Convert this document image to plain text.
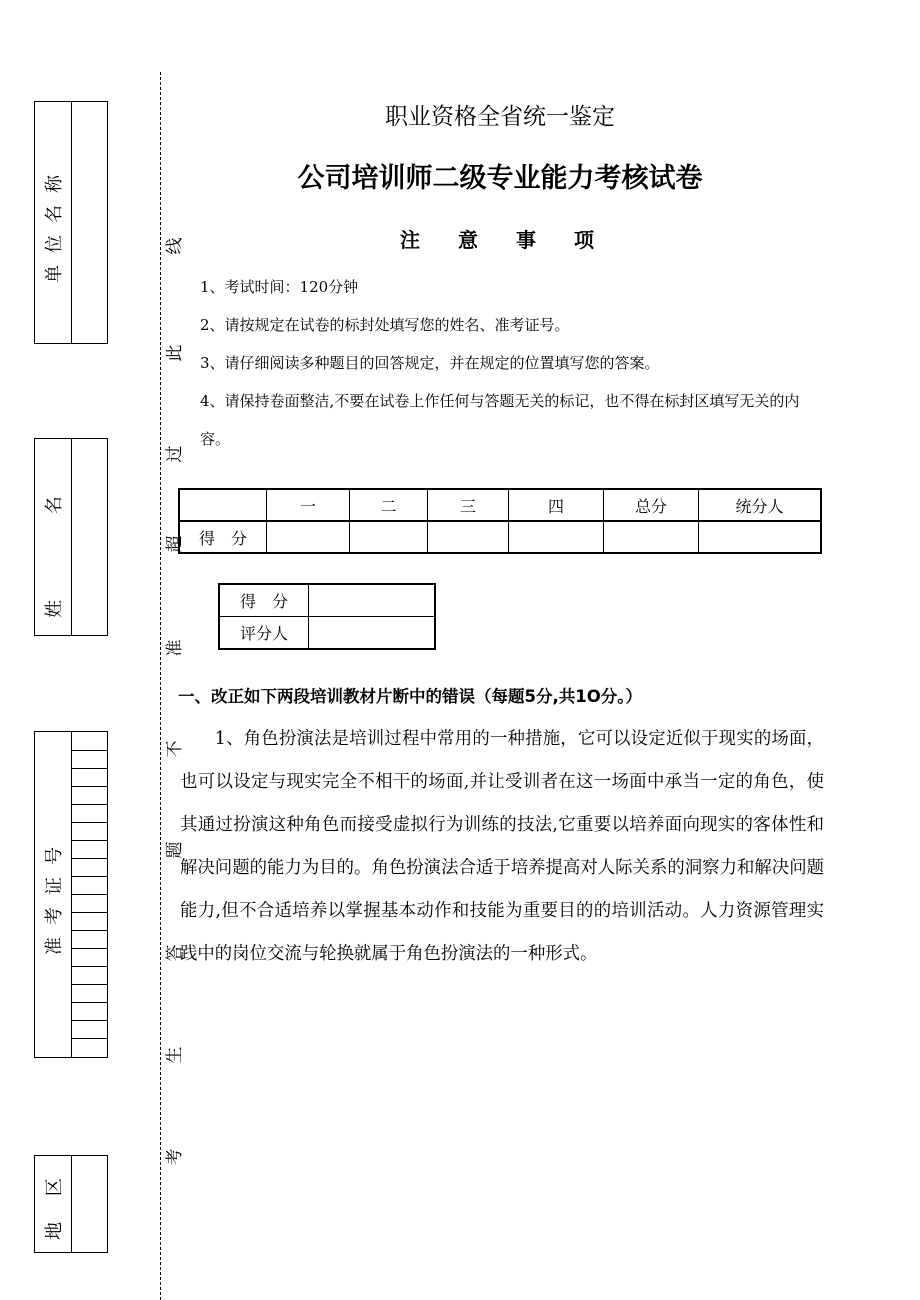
单位名称
姓 名
准考证号
地 区
线
此
过
超
准
不
题
答
生
考
职业资格全省统一鉴定
公司培训师二级专业能力考核试卷
注 意 事 项

1、考试时间：120分钟

2、请按规定在试卷的标封处填写您的姓名、准考证号。

3、请仔细阅读多种题目的回答规定，并在规定的位置填写您的答案。

4、请保持卷面整洁,不要在试卷上作任何与答题无关的标记，也不得在标封区填写无关的内容。

	一	二	三	四	总分	统分人
得　分						
得　分	
评分人	
一、改正如下两段培训教材片断中的错误（每题5分,共1O分。）

1、角色扮演法是培训过程中常用的一种措施，它可以设定近似于现实的场面，也可以设定与现实完全不相干的场面,并让受训者在这一场面中承当一定的角色，使其通过扮演这种角色而接受虚拟行为训练的技法,它重要以培养面向现实的客体性和解决问题的能力为目的。角色扮演法合适于培养提高对人际关系的洞察力和解决问题能力,但不合适培养以掌握基本动作和技能为重要目的的培训活动。人力资源管理实践中的岗位交流与轮换就属于角色扮演法的一种形式。
